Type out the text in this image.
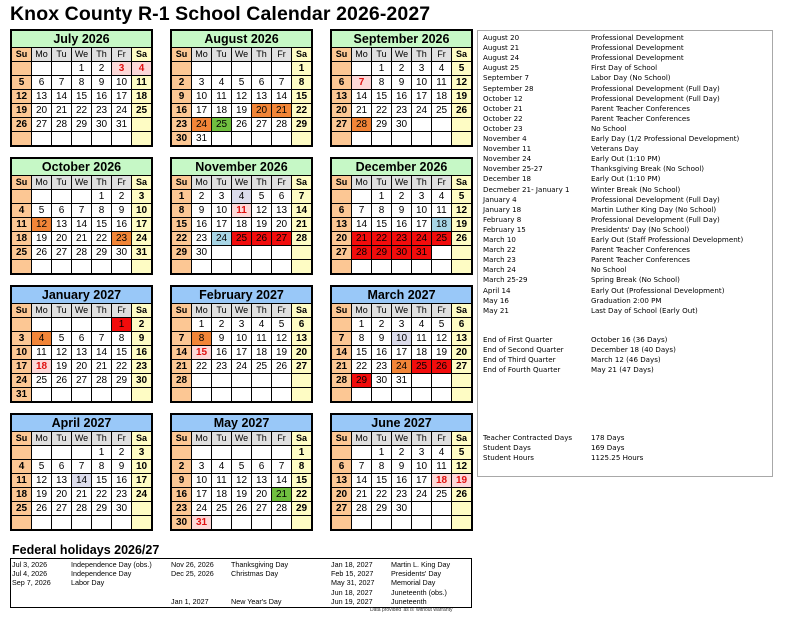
Knox County R-1 School Calendar 2026-2027
July 2026						
Su	Mo	Tu	We	Th	Fr	Sa
			1	2	3	4
5	6	7	8	9	10	11
12	13	14	15	16	17	18
19	20	21	22	23	24	25
26	27	28	29	30	31	

August 2026						
Su	Mo	Tu	We	Th	Fr	Sa
						1
2	3	4	5	6	7	8
9	10	11	12	13	14	15
16	17	18	19	20	21	22
23	24	25	26	27	28	29
30	31					
September 2026						
Su	Mo	Tu	We	Th	Fr	Sa
		1	2	3	4	5
6	7	8	9	10	11	12
13	14	15	16	17	18	19
20	21	22	23	24	25	26
27	28	29	30			

October 2026						
Su	Mo	Tu	We	Th	Fr	Sa
				1	2	3
4	5	6	7	8	9	10
11	12	13	14	15	16	17
18	19	20	21	22	23	24
25	26	27	28	29	30	31

November 2026						
Su	Mo	Tu	We	Th	Fr	Sa
1	2	3	4	5	6	7
8	9	10	11	12	13	14
15	16	17	18	19	20	21
22	23	24	25	26	27	28
29	30					

December 2026						
Su	Mo	Tu	We	Th	Fr	Sa
		1	2	3	4	5
6	7	8	9	10	11	12
13	14	15	16	17	18	19
20	21	22	23	24	25	26
27	28	29	30	31		

January 2027						
Su	Mo	Tu	We	Th	Fr	Sa
					1	2
3	4	5	6	7	8	9
10	11	12	13	14	15	16
17	18	19	20	21	22	23
24	25	26	27	28	29	30
31						
February 2027						
Su	Mo	Tu	We	Th	Fr	Sa
	1	2	3	4	5	6
7	8	9	10	11	12	13
14	15	16	17	18	19	20
21	22	23	24	25	26	27
28						

March 2027						
Su	Mo	Tu	We	Th	Fr	Sa
	1	2	3	4	5	6
7	8	9	10	11	12	13
14	15	16	17	18	19	20
21	22	23	24	25	26	27
28	29	30	31			

April 2027						
Su	Mo	Tu	We	Th	Fr	Sa
				1	2	3
4	5	6	7	8	9	10
11	12	13	14	15	16	17
18	19	20	21	22	23	24
25	26	27	28	29	30	

May 2027						
Su	Mo	Tu	We	Th	Fr	Sa
						1
2	3	4	5	6	7	8
9	10	11	12	13	14	15
16	17	18	19	20	21	22
23	24	25	26	27	28	29
30	31					
June 2027						
Su	Mo	Tu	We	Th	Fr	Sa
		1	2	3	4	5
6	7	8	9	10	11	12
13	14	15	16	17	18	19
20	21	22	23	24	25	26
27	28	29	30			

August 20	Professional Development
August 21	Professional Development
August 24	Professional Development
August 25	First Day of School
September 7	Labor Day (No School)
September 28	Professional Development (Full Day)
October 12	Professional Development (Full Day)
October 21	Parent Teacher Conferences
October 22	Parent Teacher Conferences
October 23	No School
November 4	Early Day (1/2 Professional Development)
November 11	Veterans Day
November 24	Early Out (1:10 PM)
November 25-27	Thanksgiving Break (No School)
December 18	Early Out (1:10 PM)
Decmeber 21- January 1	Winter Break (No School)
January 4	Professional Development (Full Day)
January 18	Martin Luther King Day (No School)
February 8	Professional Development (Full Day)
February 15	Presidents' Day (No School)
March 10	Early Out (Staff Professional Development)
March 22	Parent Teacher Conferences
March 23	Parent Teacher Conferences
March 24	No School
March 25-29	Spring Break (No School)
April 14	Early Out (Professional Development)
May 16	Graduation 2:00 PM
May 21	Last Day of School (Early Out)
End of First Quarter	October 16 (36 Days)
End of Second Quarter	December 18 (40 Days)
End of Third Quarter	March 12 (46 Days)
End of Fourth Quarter	May 21 (47 Days)
Teacher Contracted Days	178 Days
Student Days	169 Days
Student Hours	1125.25 Hours
Federal holidays 2026/27
Jul 3, 2026	Independence Day (obs.)
Jul 4, 2026	Independence Day
Sep 7, 2026	Labor Day
Nov 26, 2026 Thanksgiving Day
Dec 25, 2026 Christmas Day
Jan 1, 2027	New Year's Day
Jan 18, 2027	Martin L. King Day
Feb 15, 2027 Presidents' Day
May 31, 2027 Memorial Day
Jun 18, 2027	Juneteenth (obs.)
Jun 19, 2027	Juneteenth
Data provided 'as is' without warranty
